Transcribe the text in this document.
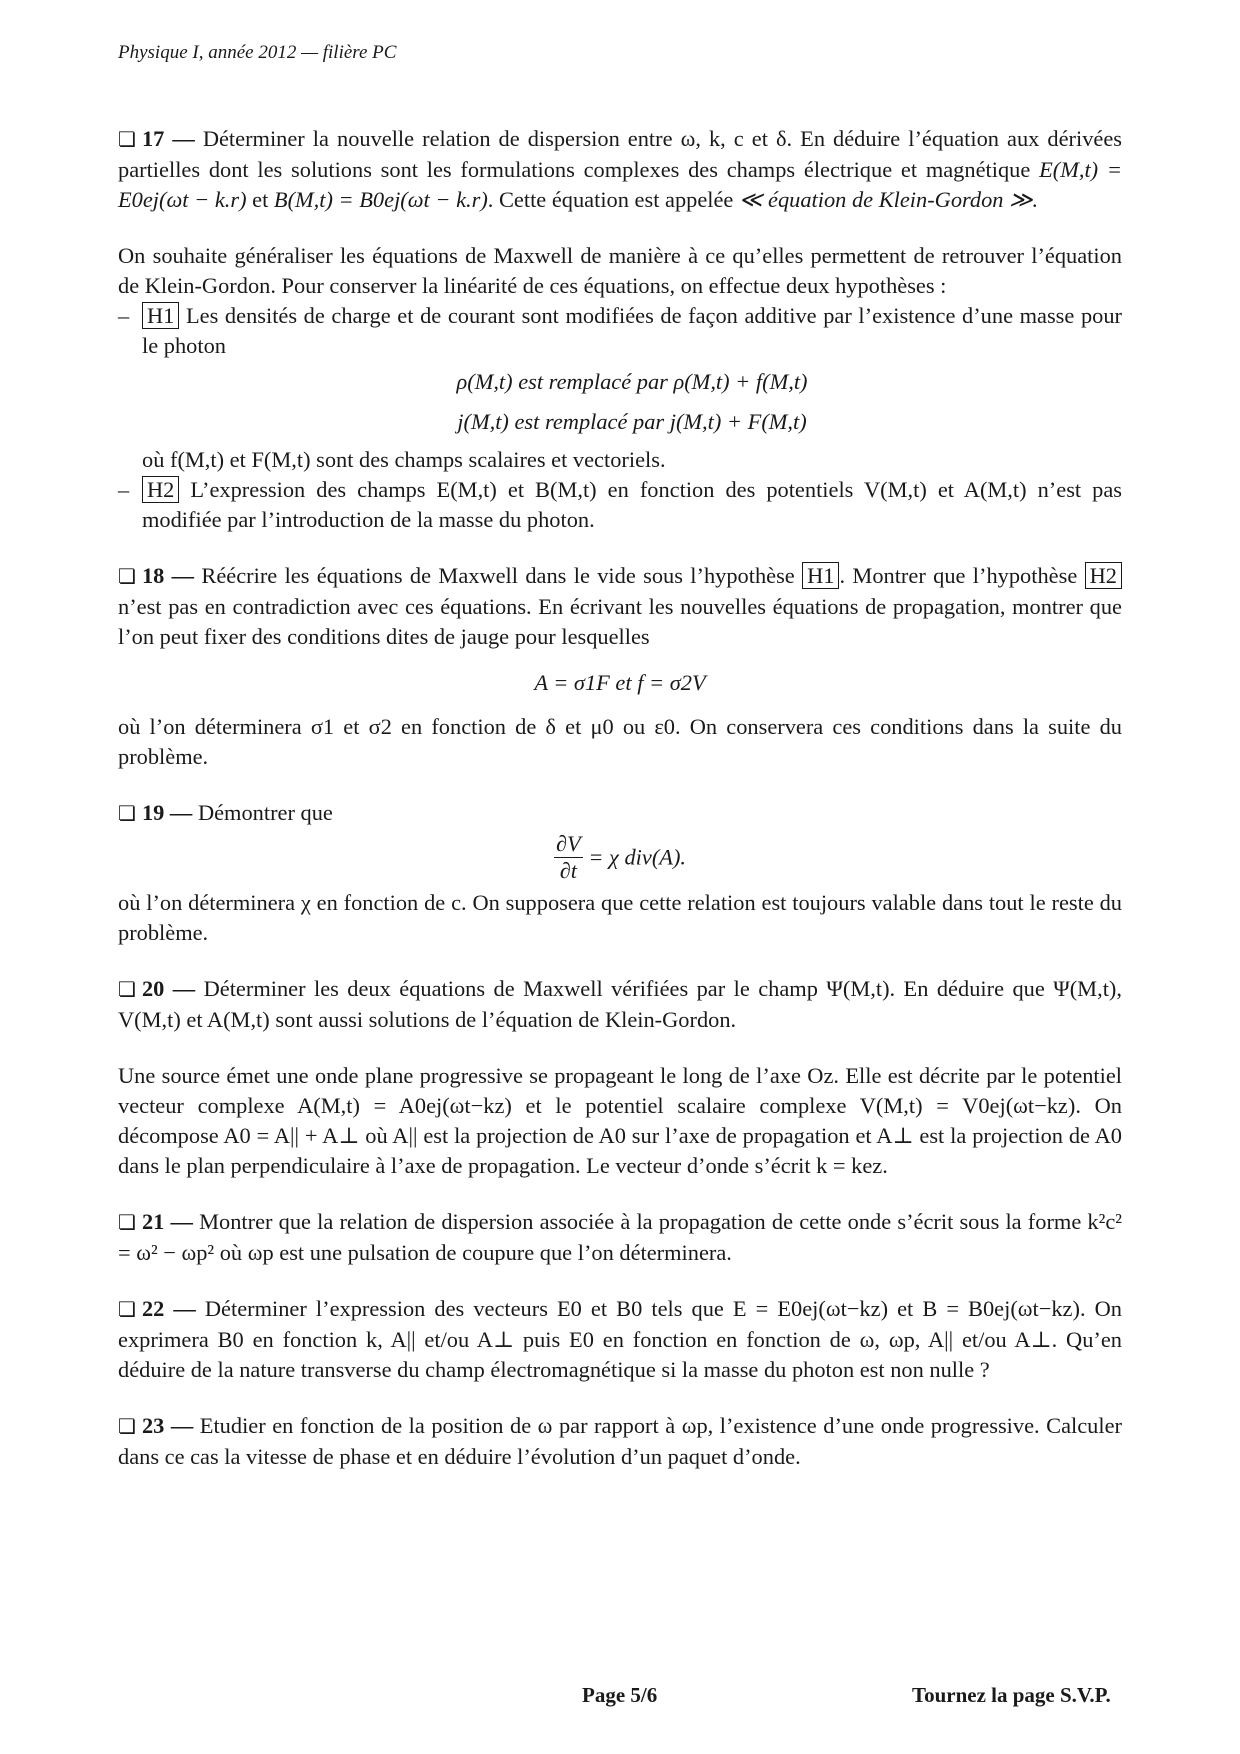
Physique I, année 2012 — filière PC

❏ 17 — Déterminer la nouvelle relation de dispersion entre ω, k, c et δ. En déduire l’équation aux dérivées partielles dont les solutions sont les formulations complexes des champs électrique et magnétique E(M,t) = E0ej(ωt − k.r) et B(M,t) = B0ej(ωt − k.r). Cette équation est appelée ≪ équation de Klein-Gordon ≫.

On souhaite généraliser les équations de Maxwell de manière à ce qu’elles permettent de retrouver l’équation de Klein-Gordon. Pour conserver la linéarité de ces équations, on effectue deux hypothèses :

– H1 Les densités de charge et de courant sont modifiées de façon additive par l’existence d’une masse pour le photon
ρ(M,t) est remplacé par ρ(M,t) + f(M,t)
j(M,t) est remplacé par j(M,t) + F(M,t)
où f(M,t) et F(M,t) sont des champs scalaires et vectoriels.
– H2 L’expression des champs E(M,t) et B(M,t) en fonction des potentiels V(M,t) et A(M,t) n’est pas modifiée par l’introduction de la masse du photon.

❏ 18 — Réécrire les équations de Maxwell dans le vide sous l’hypothèse H1 . Montrer que l’hypothèse H2 n’est pas en contradiction avec ces équations. En écrivant les nouvelles équations de propagation, montrer que l’on peut fixer des conditions dites de jauge pour lesquelles

A = σ1F et f = σ2V

où l’on déterminera σ1 et σ2 en fonction de δ et μ0 ou ε0. On conservera ces conditions dans la suite du problème.

❏ 19 — Démontrer que

$\frac{\partial V}{\partial t} = \chi$ div(A).

où l’on déterminera χ en fonction de c. On supposera que cette relation est toujours valable dans tout le reste du problème.

❏ 20 — Déterminer les deux équations de Maxwell vérifiées par le champ Ψ(M,t). En déduire que Ψ(M,t), V(M,t) et A(M,t) sont aussi solutions de l’équation de Klein-Gordon.

Une source émet une onde plane progressive se propageant le long de l’axe Oz. Elle est décrite par le potentiel vecteur complexe A(M,t) = A0ej(ωt−kz) et le potentiel scalaire complexe V(M,t) = V0ej(ωt−kz). On décompose A0 = A|| + A⊥ où A|| est la projection de A0 sur l’axe de propagation et A⊥ est la projection de A0 dans le plan perpendiculaire à l’axe de propagation. Le vecteur d’onde s’écrit k = kez.

❏ 21 — Montrer que la relation de dispersion associée à la propagation de cette onde s’écrit sous la forme k²c² = ω² − ωp² où ωp est une pulsation de coupure que l’on déterminera.

❏ 22 — Déterminer l’expression des vecteurs E0 et B0 tels que E = E0ej(ωt−kz) et B = B0ej(ωt−kz). On exprimera B0 en fonction k, A|| et/ou A⊥ puis E0 en fonction en fonction de ω, ωp, A|| et/ou A⊥. Qu’en déduire de la nature transverse du champ électromagnétique si la masse du photon est non nulle ?

❏ 23 — Etudier en fonction de la position de ω par rapport à ωp, l’existence d’une onde progressive. Calculer dans ce cas la vitesse de phase et en déduire l’évolution d’un paquet d’onde.

Page 5/6	Tournez la page S.V.P.
